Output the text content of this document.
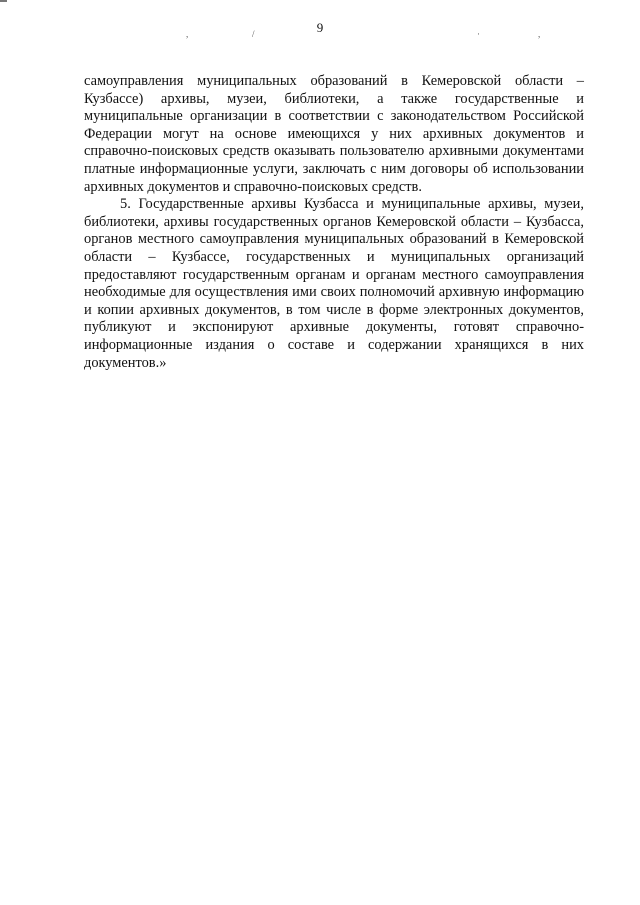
,	/	·	,
9

самоуправления муниципальных образований в Кемеровской области – Кузбассе) архивы, музеи, библиотеки, а также государственные и муниципальные организации в соответствии с законодательством Российской Федерации могут на основе имеющихся у них архивных документов и справочно-поисковых средств оказывать пользователю архивными документами платные информационные услуги, заключать с ним договоры об использовании архивных документов и справочно-поисковых средств.

5. Государственные архивы Кузбасса и муниципальные архивы, музеи, библиотеки, архивы государственных органов Кемеровской области – Кузбасса, органов местного самоуправления муниципальных образований в Кемеровской области – Кузбассе, государственных и муниципальных организаций предоставляют государственным органам и органам местного самоуправления необходимые для осуществления ими своих полномочий архивную информацию и копии архивных документов, в том числе в форме электронных документов, публикуют и экспонируют архивные документы, готовят справочно-информационные издания о составе и содержании хранящихся в них документов.»
